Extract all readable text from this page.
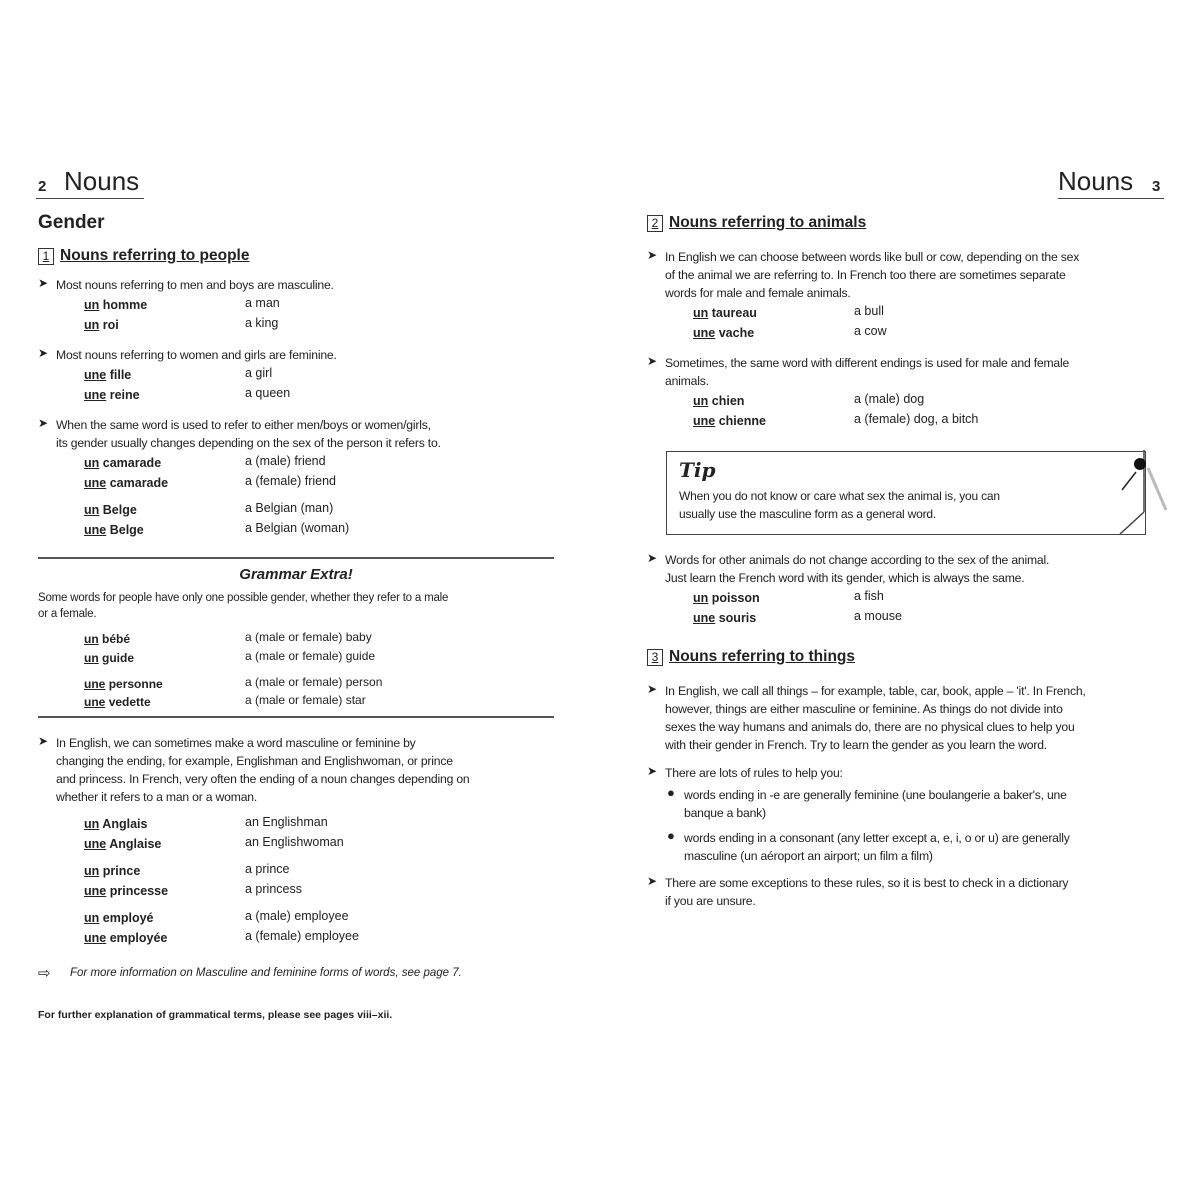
2 Nouns
Gender
1 Nouns referring to people
➤ Most nouns referring to men and boys are masculine.
un homme	a man
un roi	a king
➤ Most nouns referring to women and girls are feminine.
une fille	a girl
une reine	a queen
➤ When the same word is used to refer to either men/boys or women/girls,
its gender usually changes depending on the sex of the person it refers to.
un camarade	a (male) friend
une camarade	a (female) friend
un Belge	a Belgian (man)
une Belge	a Belgian (woman)
Grammar Extra!
Some words for people have only one possible gender, whether they refer to a male
or a female.
un bébé	a (male or female) baby
un guide	a (male or female) guide
une personne	a (male or female) person
une vedette	a (male or female) star
➤ In English, we can sometimes make a word masculine or feminine by
changing the ending, for example, Englishman and Englishwoman, or prince
and princess. In French, very often the ending of a noun changes depending on
whether it refers to a man or a woman.
un Anglais	an Englishman
une Anglaise	an Englishwoman
un prince	a prince
une princesse	a princess
un employé	a (male) employee
une employée	a (female) employee
⇨ For more information on Masculine and feminine forms of words, see page 7.
For further explanation of grammatical terms, please see pages viii–xii.
Nouns 3
2 Nouns referring to animals
➤ In English we can choose between words like bull or cow, depending on the sex
of the animal we are referring to. In French too there are sometimes separate
words for male and female animals.
un taureau	a bull
une vache	a cow
➤ Sometimes, the same word with different endings is used for male and female
animals.
un chien	a (male) dog
une chienne	a (female) dog, a bitch
Tip
When you do not know or care what sex the animal is, you can
usually use the masculine form as a general word.
➤ Words for other animals do not change according to the sex of the animal.
Just learn the French word with its gender, which is always the same.
un poisson	a fish
une souris	a mouse
3 Nouns referring to things
➤ In English, we call all things – for example, table, car, book, apple – 'it'. In French,
however, things are either masculine or feminine. As things do not divide into
sexes the way humans and animals do, there are no physical clues to help you
with their gender in French. Try to learn the gender as you learn the word.
➤ There are lots of rules to help you:
● words ending in -e are generally feminine (une boulangerie a baker's, une
banque a bank)
● words ending in a consonant (any letter except a, e, i, o or u) are generally
masculine (un aéroport an airport; un film a film)
➤ There are some exceptions to these rules, so it is best to check in a dictionary
if you are unsure.
